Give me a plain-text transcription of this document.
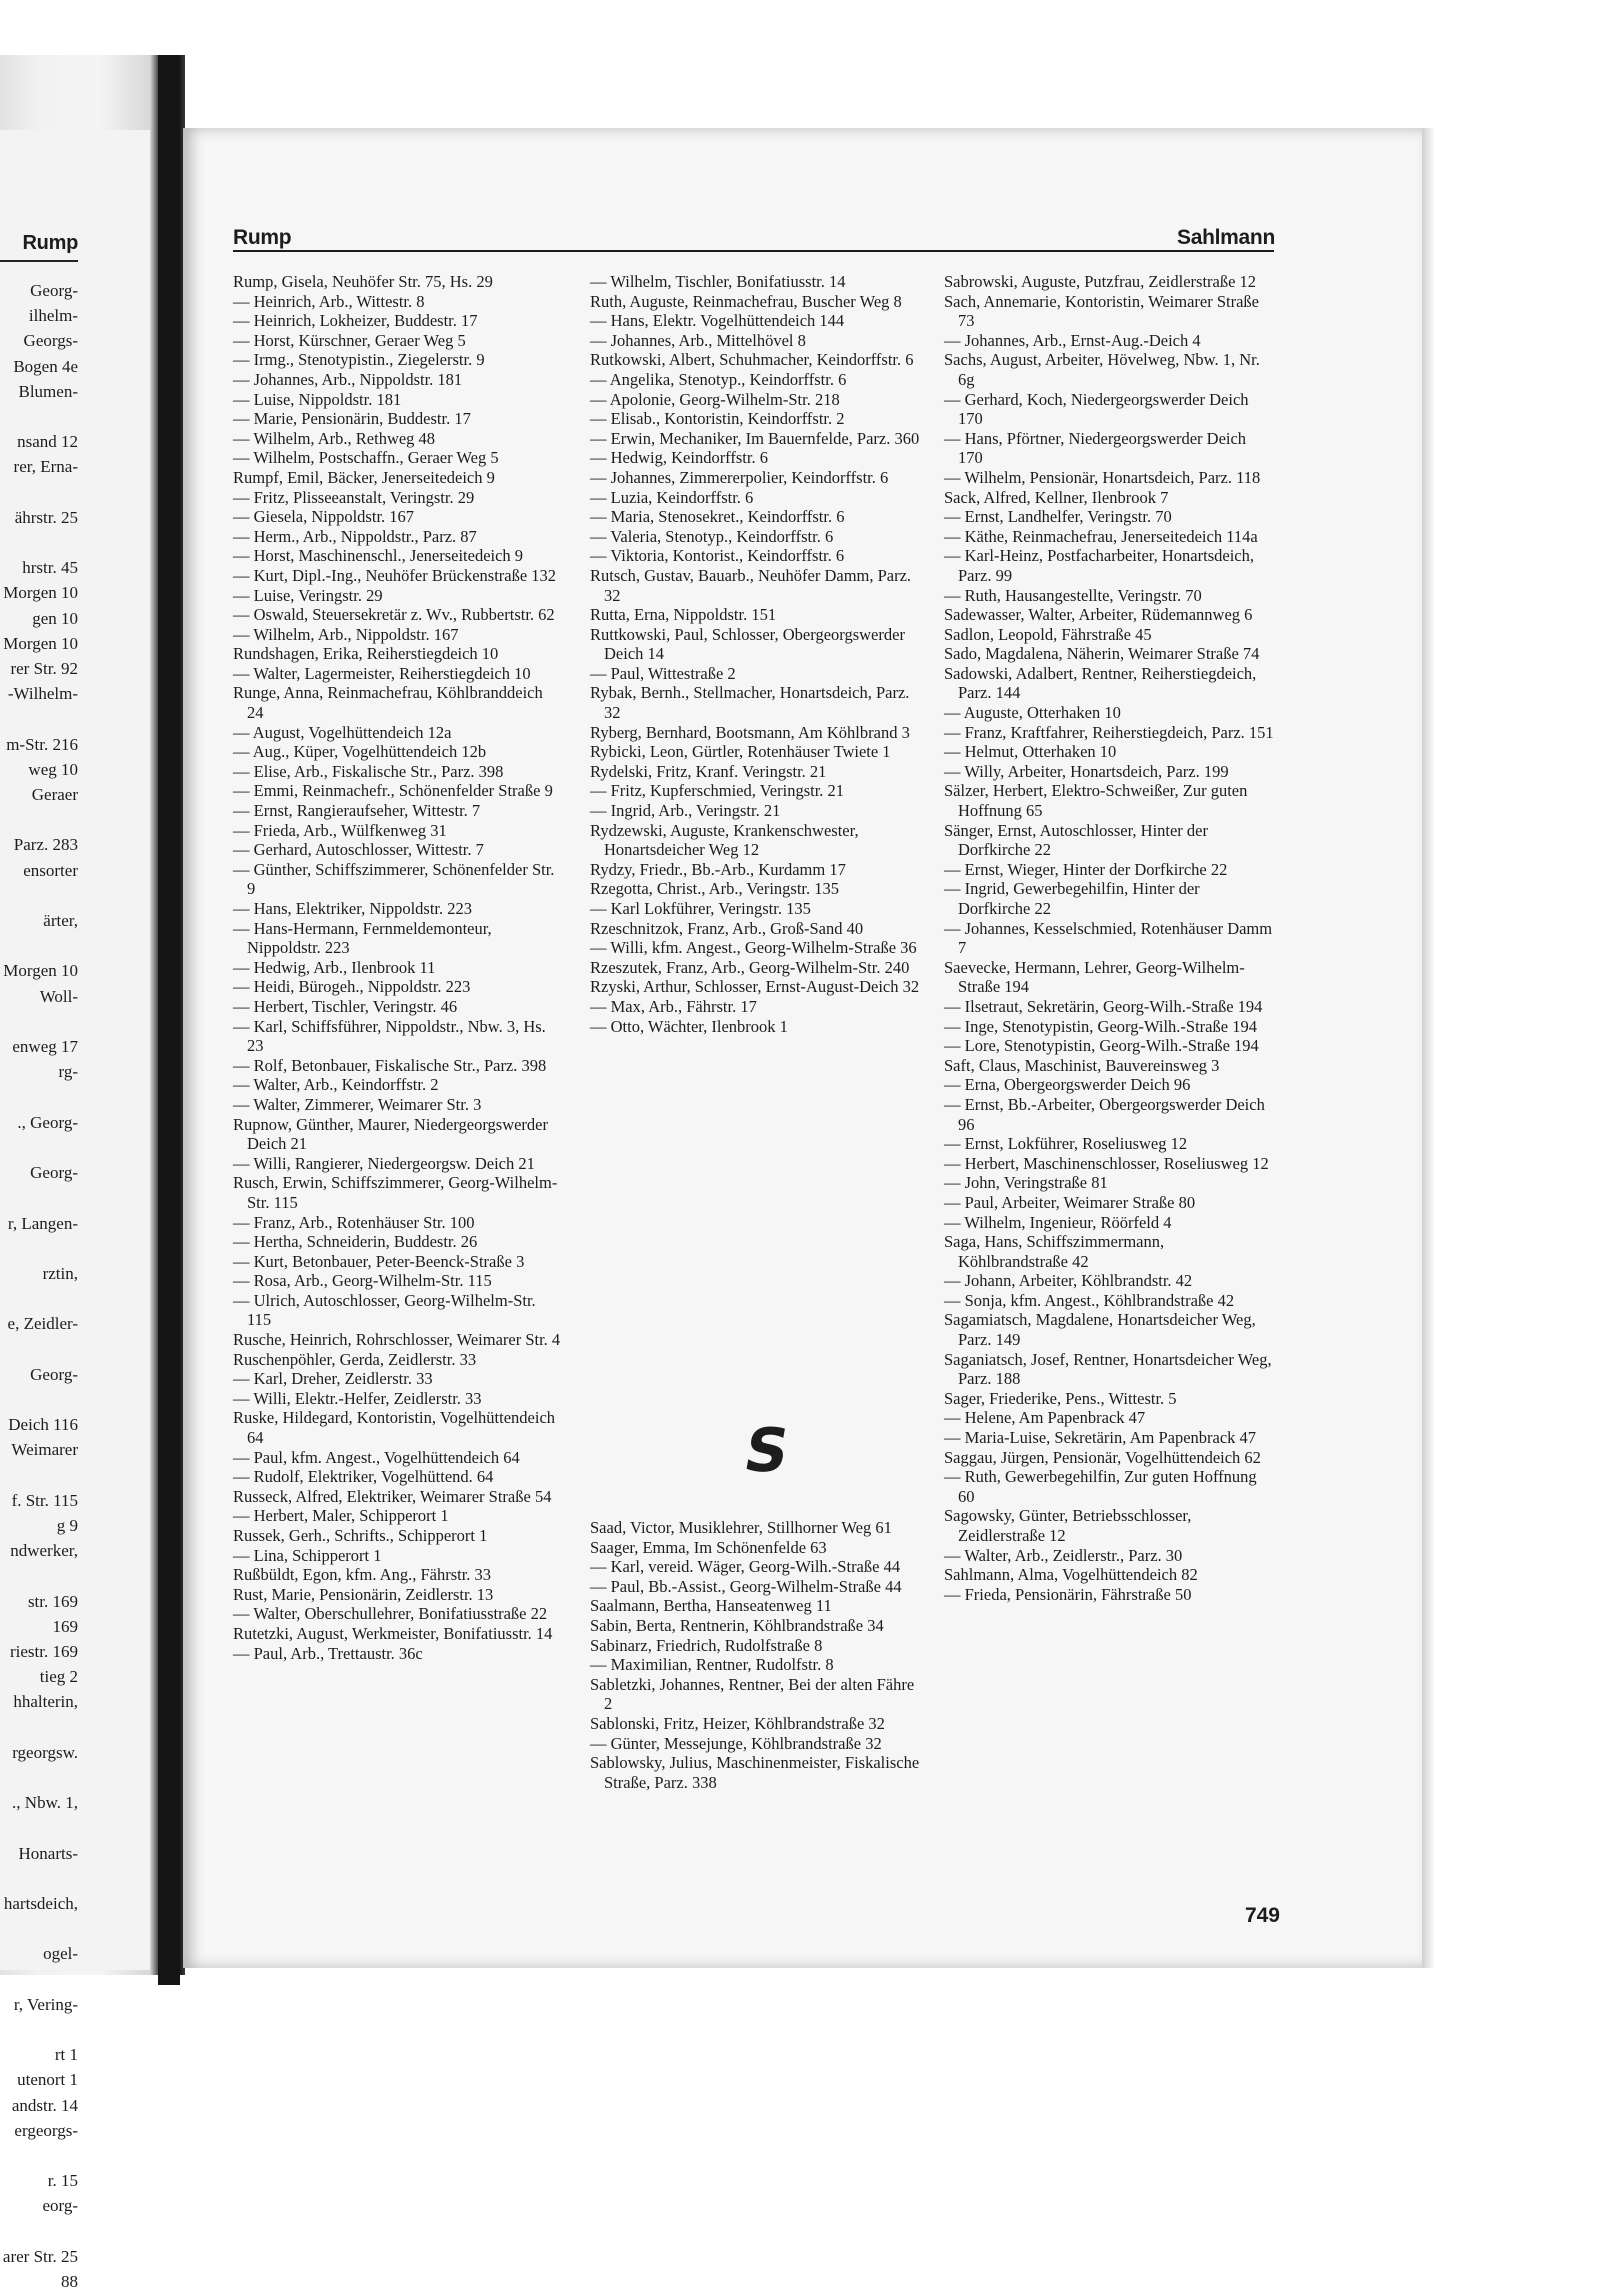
Rump
Georg-
ilhelm-
Georgs-
Bogen 4e
Blumen-

nsand 12
rer, Erna-

ährstr. 25

hrstr. 45
Morgen 10
gen 10
Morgen 10
rer Str. 92
-Wilhelm-

m-Str. 216
weg 10
Geraer

Parz. 283
ensorter

ärter,

Morgen 10
Woll-

enweg 17
rg-

., Georg-

Georg-

r, Langen-

rztin,

e, Zeidler-

Georg-

Deich 116
Weimarer

f. Str. 115
g 9
ndwerker,

str. 169
169
riestr. 169
tieg 2
hhalterin,

rgeorgsw.

., Nbw. 1,

Honarts-

hartsdeich,

ogel-

r, Vering-

rt 1
utenort 1
andstr. 14
ergeorgs-

r. 15
eorg-

arer Str. 25
88
Rump	Sahlmann

Rump, Gisela, Neuhöfer Str. 75, Hs. 29

— Heinrich, Arb., Wittestr. 8

— Heinrich, Lokheizer, Buddestr. 17

— Horst, Kürschner, Geraer Weg 5

— Irmg., Stenotypistin., Ziegelerstr. 9

— Johannes, Arb., Nippoldstr. 181

— Luise, Nippoldstr. 181

— Marie, Pensionärin, Buddestr. 17

— Wilhelm, Arb., Rethweg 48

— Wilhelm, Postschaffn., Geraer Weg 5

Rumpf, Emil, Bäcker, Jenerseitedeich 9

— Fritz, Plisseeanstalt, Veringstr. 29

— Giesela, Nippoldstr. 167

— Herm., Arb., Nippoldstr., Parz. 87

— Horst, Maschinenschl., Jenerseitedeich 9

— Kurt, Dipl.-Ing., Neuhöfer Brückenstraße 132

— Luise, Veringstr. 29

— Oswald, Steuersekretär z. Wv., Rubbertstr. 62

— Wilhelm, Arb., Nippoldstr. 167

Rundshagen, Erika, Reiherstiegdeich 10

— Walter, Lagermeister, Reiherstiegdeich 10

Runge, Anna, Reinmachefrau, Köhlbranddeich 24

— August, Vogelhüttendeich 12a

— Aug., Küper, Vogelhüttendeich 12b

— Elise, Arb., Fiskalische Str., Parz. 398

— Emmi, Reinmachefr., Schönenfelder Straße 9

— Ernst, Rangieraufseher, Wittestr. 7

— Frieda, Arb., Wülfkenweg 31

— Gerhard, Autoschlosser, Wittestr. 7

— Günther, Schiffszimmerer, Schönenfelder Str. 9

— Hans, Elektriker, Nippoldstr. 223

— Hans-Hermann, Fernmeldemonteur, Nippoldstr. 223

— Hedwig, Arb., Ilenbrook 11

— Heidi, Bürogeh., Nippoldstr. 223

— Herbert, Tischler, Veringstr. 46

— Karl, Schiffsführer, Nippoldstr., Nbw. 3, Hs. 23

— Rolf, Betonbauer, Fiskalische Str., Parz. 398

— Walter, Arb., Keindorffstr. 2

— Walter, Zimmerer, Weimarer Str. 3

Rupnow, Günther, Maurer, Niedergeorgswerder Deich 21

— Willi, Rangierer, Niedergeorgsw. Deich 21

Rusch, Erwin, Schiffszimmerer, Georg-Wilhelm-Str. 115

— Franz, Arb., Rotenhäuser Str. 100

— Hertha, Schneiderin, Buddestr. 26

— Kurt, Betonbauer, Peter-Beenck-Straße 3

— Rosa, Arb., Georg-Wilhelm-Str. 115

— Ulrich, Autoschlosser, Georg-Wilhelm-Str. 115

Rusche, Heinrich, Rohrschlosser, Weimarer Str. 4

Ruschenpöhler, Gerda, Zeidlerstr. 33

— Karl, Dreher, Zeidlerstr. 33

— Willi, Elektr.-Helfer, Zeidlerstr. 33

Ruske, Hildegard, Kontoristin, Vogelhüttendeich 64

— Paul, kfm. Angest., Vogelhüttendeich 64

— Rudolf, Elektriker, Vogelhüttend. 64

Russeck, Alfred, Elektriker, Weimarer Straße 54

— Herbert, Maler, Schipperort 1

Russek, Gerh., Schrifts., Schipperort 1

— Lina, Schipperort 1

Rußbüldt, Egon, kfm. Ang., Fährstr. 33

Rust, Marie, Pensionärin, Zeidlerstr. 13

— Walter, Oberschullehrer, Bonifatiusstraße 22

Rutetzki, August, Werkmeister, Bonifatiusstr. 14

— Paul, Arb., Trettaustr. 36c

— Wilhelm, Tischler, Bonifatiusstr. 14

Ruth, Auguste, Reinmachefrau, Buscher Weg 8

— Hans, Elektr. Vogelhüttendeich 144

— Johannes, Arb., Mittelhövel 8

Rutkowski, Albert, Schuhmacher, Keindorffstr. 6

— Angelika, Stenotyp., Keindorffstr. 6

— Apolonie, Georg-Wilhelm-Str. 218

— Elisab., Kontoristin, Keindorffstr. 2

— Erwin, Mechaniker, Im Bauernfelde, Parz. 360

— Hedwig, Keindorffstr. 6

— Johannes, Zimmererpolier, Keindorffstr. 6

— Luzia, Keindorffstr. 6

— Maria, Stenosekret., Keindorffstr. 6

— Valeria, Stenotyp., Keindorffstr. 6

— Viktoria, Kontorist., Keindorffstr. 6

Rutsch, Gustav, Bauarb., Neuhöfer Damm, Parz. 32

Rutta, Erna, Nippoldstr. 151

Ruttkowski, Paul, Schlosser, Obergeorgswerder Deich 14

— Paul, Wittestraße 2

Rybak, Bernh., Stellmacher, Honartsdeich, Parz. 32

Ryberg, Bernhard, Bootsmann, Am Köhlbrand 3

Rybicki, Leon, Gürtler, Rotenhäuser Twiete 1

Rydelski, Fritz, Kranf. Veringstr. 21

— Fritz, Kupferschmied, Veringstr. 21

— Ingrid, Arb., Veringstr. 21

Rydzewski, Auguste, Krankenschwester, Honartsdeicher Weg 12

Rydzy, Friedr., Bb.-Arb., Kurdamm 17

Rzegotta, Christ., Arb., Veringstr. 135

— Karl Lokführer, Veringstr. 135

Rzeschnitzok, Franz, Arb., Groß-Sand 40

— Willi, kfm. Angest., Georg-Wilhelm-Straße 36

Rzeszutek, Franz, Arb., Georg-Wilhelm-Str. 240

Rzyski, Arthur, Schlosser, Ernst-August-Deich 32

— Max, Arb., Fährstr. 17

— Otto, Wächter, Ilenbrook 1

Saad, Victor, Musiklehrer, Stillhorner Weg 61

Saager, Emma, Im Schönenfelde 63

— Karl, vereid. Wäger, Georg-Wilh.-Straße 44

— Paul, Bb.-Assist., Georg-Wilhelm-Straße 44

Saalmann, Bertha, Hanseatenweg 11

Sabin, Berta, Rentnerin, Köhlbrandstraße 34

Sabinarz, Friedrich, Rudolfstraße 8

— Maximilian, Rentner, Rudolfstr. 8

Sabletzki, Johannes, Rentner, Bei der alten Fähre 2

Sablonski, Fritz, Heizer, Köhlbrandstraße 32

— Günter, Messejunge, Köhlbrandstraße 32

Sablowsky, Julius, Maschinenmeister, Fiskalische Straße, Parz. 338

Sabrowski, Auguste, Putzfrau, Zeidlerstraße 12

Sach, Annemarie, Kontoristin, Weimarer Straße 73

— Johannes, Arb., Ernst-Aug.-Deich 4

Sachs, August, Arbeiter, Hövelweg, Nbw. 1, Nr. 6g

— Gerhard, Koch, Niedergeorgswerder Deich 170

— Hans, Pförtner, Niedergeorgswerder Deich 170

— Wilhelm, Pensionär, Honartsdeich, Parz. 118

Sack, Alfred, Kellner, Ilenbrook 7

— Ernst, Landhelfer, Veringstr. 70

— Käthe, Reinmachefrau, Jenerseitedeich 114a

— Karl-Heinz, Postfacharbeiter, Honartsdeich, Parz. 99

— Ruth, Hausangestellte, Veringstr. 70

Sadewasser, Walter, Arbeiter, Rüdemannweg 6

Sadlon, Leopold, Fährstraße 45

Sado, Magdalena, Näherin, Weimarer Straße 74

Sadowski, Adalbert, Rentner, Reiherstiegdeich, Parz. 144

— Auguste, Otterhaken 10

— Franz, Kraftfahrer, Reiherstiegdeich, Parz. 151

— Helmut, Otterhaken 10

— Willy, Arbeiter, Honartsdeich, Parz. 199

Sälzer, Herbert, Elektro-Schweißer, Zur guten Hoffnung 65

Sänger, Ernst, Autoschlosser, Hinter der Dorfkirche 22

— Ernst, Wieger, Hinter der Dorfkirche 22

— Ingrid, Gewerbegehilfin, Hinter der Dorfkirche 22

— Johannes, Kesselschmied, Rotenhäuser Damm 7

Saevecke, Hermann, Lehrer, Georg-Wilhelm-Straße 194

— Ilsetraut, Sekretärin, Georg-Wilh.-Straße 194

— Inge, Stenotypistin, Georg-Wilh.-Straße 194

— Lore, Stenotypistin, Georg-Wilh.-Straße 194

Saft, Claus, Maschinist, Bauvereinsweg 3

— Erna, Obergeorgswerder Deich 96

— Ernst, Bb.-Arbeiter, Obergeorgswerder Deich 96

— Ernst, Lokführer, Roseliusweg 12

— Herbert, Maschinenschlosser, Roseliusweg 12

— John, Veringstraße 81

— Paul, Arbeiter, Weimarer Straße 80

— Wilhelm, Ingenieur, Röörfeld 4

Saga, Hans, Schiffszimmermann, Köhlbrandstraße 42

— Johann, Arbeiter, Köhlbrandstr. 42

— Sonja, kfm. Angest., Köhlbrandstraße 42

Sagamiatsch, Magdalene, Honartsdeicher Weg, Parz. 149

Saganiatsch, Josef, Rentner, Honartsdeicher Weg, Parz. 188

Sager, Friederike, Pens., Wittestr. 5

— Helene, Am Papenbrack 47

— Maria-Luise, Sekretärin, Am Papenbrack 47

Saggau, Jürgen, Pensionär, Vogelhüttendeich 62

— Ruth, Gewerbegehilfin, Zur guten Hoffnung 60

Sagowsky, Günter, Betriebsschlosser, Zeidlerstraße 12

— Walter, Arb., Zeidlerstr., Parz. 30

Sahlmann, Alma, Vogelhüttendeich 82

— Frieda, Pensionärin, Fährstraße 50

S
749
